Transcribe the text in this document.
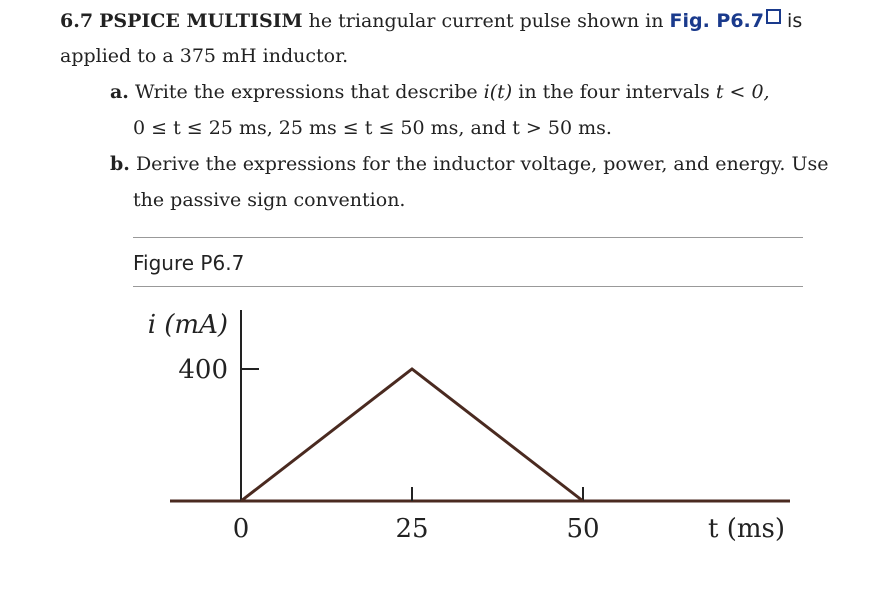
6.7 PSPICE MULTISIM he triangular current pulse shown in Fig. P6.7 is
applied to a 375 mH inductor.
a. Write the expressions that describe i(t) in the four intervals t < 0,
0 ≤ t ≤ 25 ms, 25 ms ≤ t ≤ 50 ms, and t > 50 ms.
b. Derive the expressions for the inductor voltage, power, and energy. Use
the passive sign convention.
Figure P6.7
i (mA)
t (ms)
0	25	50
400
